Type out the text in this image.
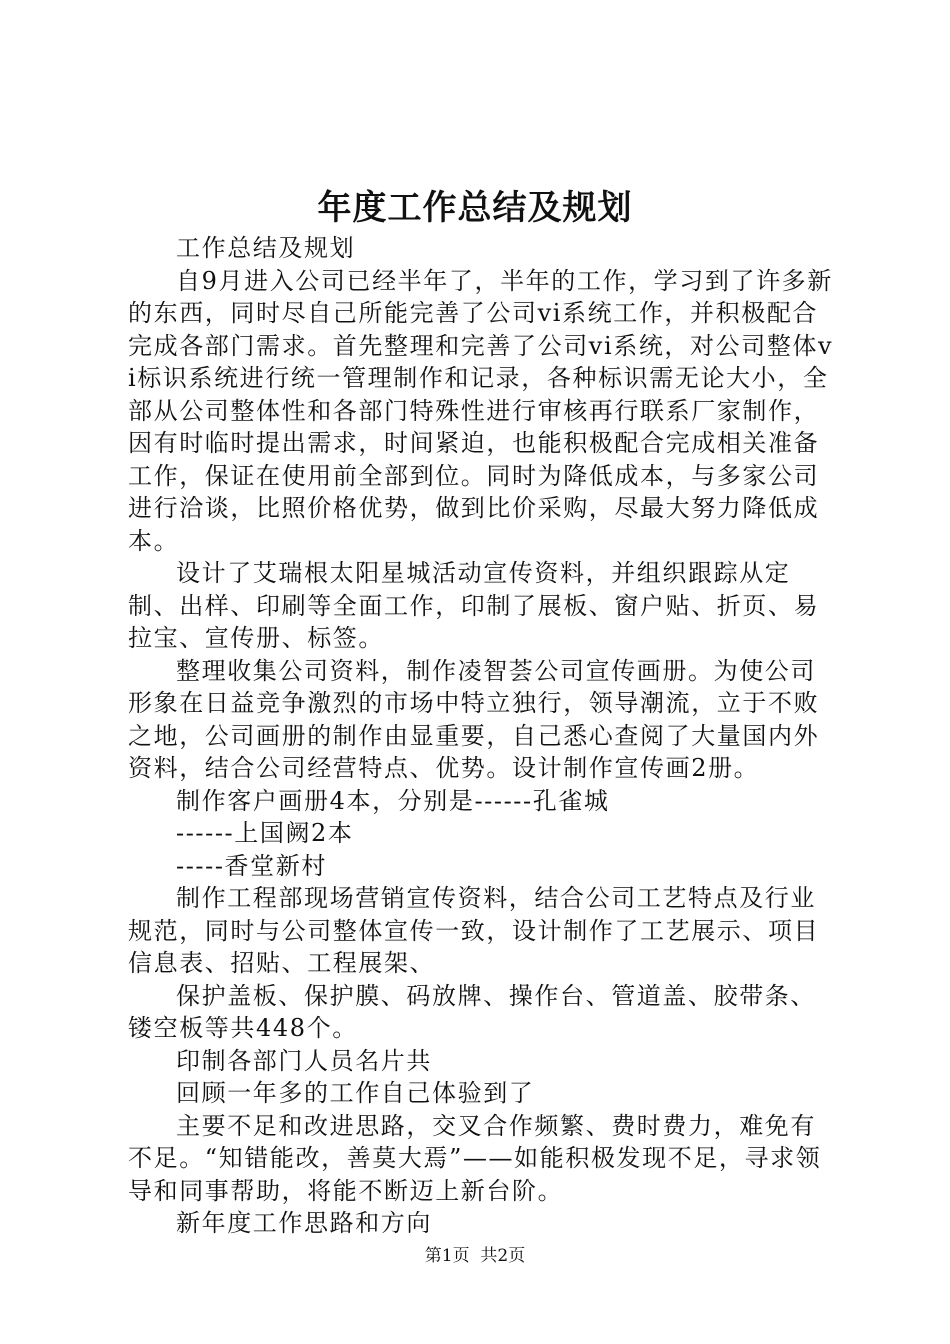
年度工作总结及规划

工作总结及规划

自9月进入公司已经半年了，半年的工作，学习到了许多新的东西，同时尽自己所能完善了公司vi系统工作，并积极配合完成各部门需求。首先整理和完善了公司vi系统，对公司整体vi标识系统进行统一管理制作和记录，各种标识需无论大小，全部从公司整体性和各部门特殊性进行审核再行联系厂家制作，因有时临时提出需求，时间紧迫，也能积极配合完成相关准备工作，保证在使用前全部到位。同时为降低成本，与多家公司进行洽谈，比照价格优势，做到比价采购，尽最大努力降低成本。

设计了艾瑞根太阳星城活动宣传资料，并组织跟踪从定制、出样、印刷等全面工作，印制了展板、窗户贴、折页、易拉宝、宣传册、标签。

整理收集公司资料，制作凌智荟公司宣传画册。为使公司形象在日益竞争激烈的市场中特立独行，领导潮流，立于不败之地，公司画册的制作由显重要，自己悉心查阅了大量国内外资料，结合公司经营特点、优势。设计制作宣传画2册。

制作客户画册4本，分别是------孔雀城

------上国阙2本

-----香堂新村

制作工程部现场营销宣传资料，结合公司工艺特点及行业规范，同时与公司整体宣传一致，设计制作了工艺展示、项目信息表、招贴、工程展架、

保护盖板、保护膜、码放牌、操作台、管道盖、胶带条、镂空板等共448个。

印制各部门人员名片共

回顾一年多的工作自己体验到了

主要不足和改进思路，交叉合作频繁、费时费力，难免有不足。“知错能改，善莫大焉”——如能积极发现不足，寻求领导和同事帮助，将能不断迈上新台阶。

新年度工作思路和方向

第1页 共2页
